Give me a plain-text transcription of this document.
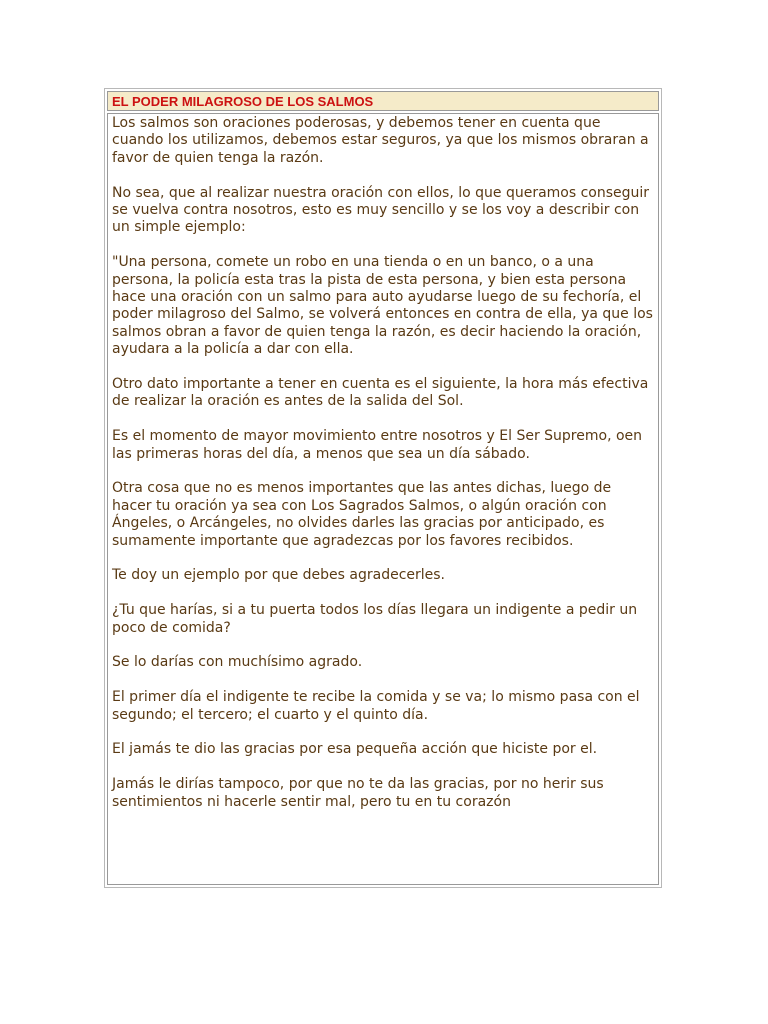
EL PODER MILAGROSO DE LOS SALMOS

Los salmos son oraciones poderosas, y debemos tener en cuenta que cuando los utilizamos, debemos estar seguros, ya que los mismos obraran a favor de quien tenga la razón.

No sea, que al realizar nuestra oración con ellos, lo que queramos conseguir se vuelva contra nosotros, esto es muy sencillo y se los voy a describir con un simple ejemplo:

"Una persona, comete un robo en una tienda o en un banco, o a una persona, la policía esta tras la pista de esta persona, y bien esta persona hace una oración con un salmo para auto ayudarse luego de su fechoría, el poder milagroso del Salmo, se volverá entonces en contra de ella, ya que los salmos obran a favor de quien tenga la razón, es decir haciendo la oración, ayudara a la policía a dar con ella.

Otro dato importante a tener en cuenta es el siguiente, la hora más efectiva de realizar la oración es antes de la salida del Sol.

Es el momento de mayor movimiento entre nosotros y El Ser Supremo, oen las primeras horas del día, a menos que sea un día sábado.

Otra cosa que no es menos importantes que las antes dichas, luego de hacer tu oración ya sea con Los Sagrados Salmos, o algún oración con Ángeles, o Arcángeles, no olvides darles las gracias por anticipado, es sumamente importante que agradezcas por los favores recibidos.

Te doy un ejemplo por que debes agradecerles.

¿Tu que harías, si a tu puerta todos los días llegara un indigente a pedir un poco de comida?

Se lo darías con muchísimo agrado.

El primer día el indigente te recibe la comida y se va; lo mismo pasa con el segundo; el tercero; el cuarto y el quinto día.

El jamás te dio las gracias por esa pequeña acción que hiciste por el.

Jamás le dirías tampoco, por que no te da las gracias, por no herir sus sentimientos ni hacerle sentir mal, pero tu en tu corazón
